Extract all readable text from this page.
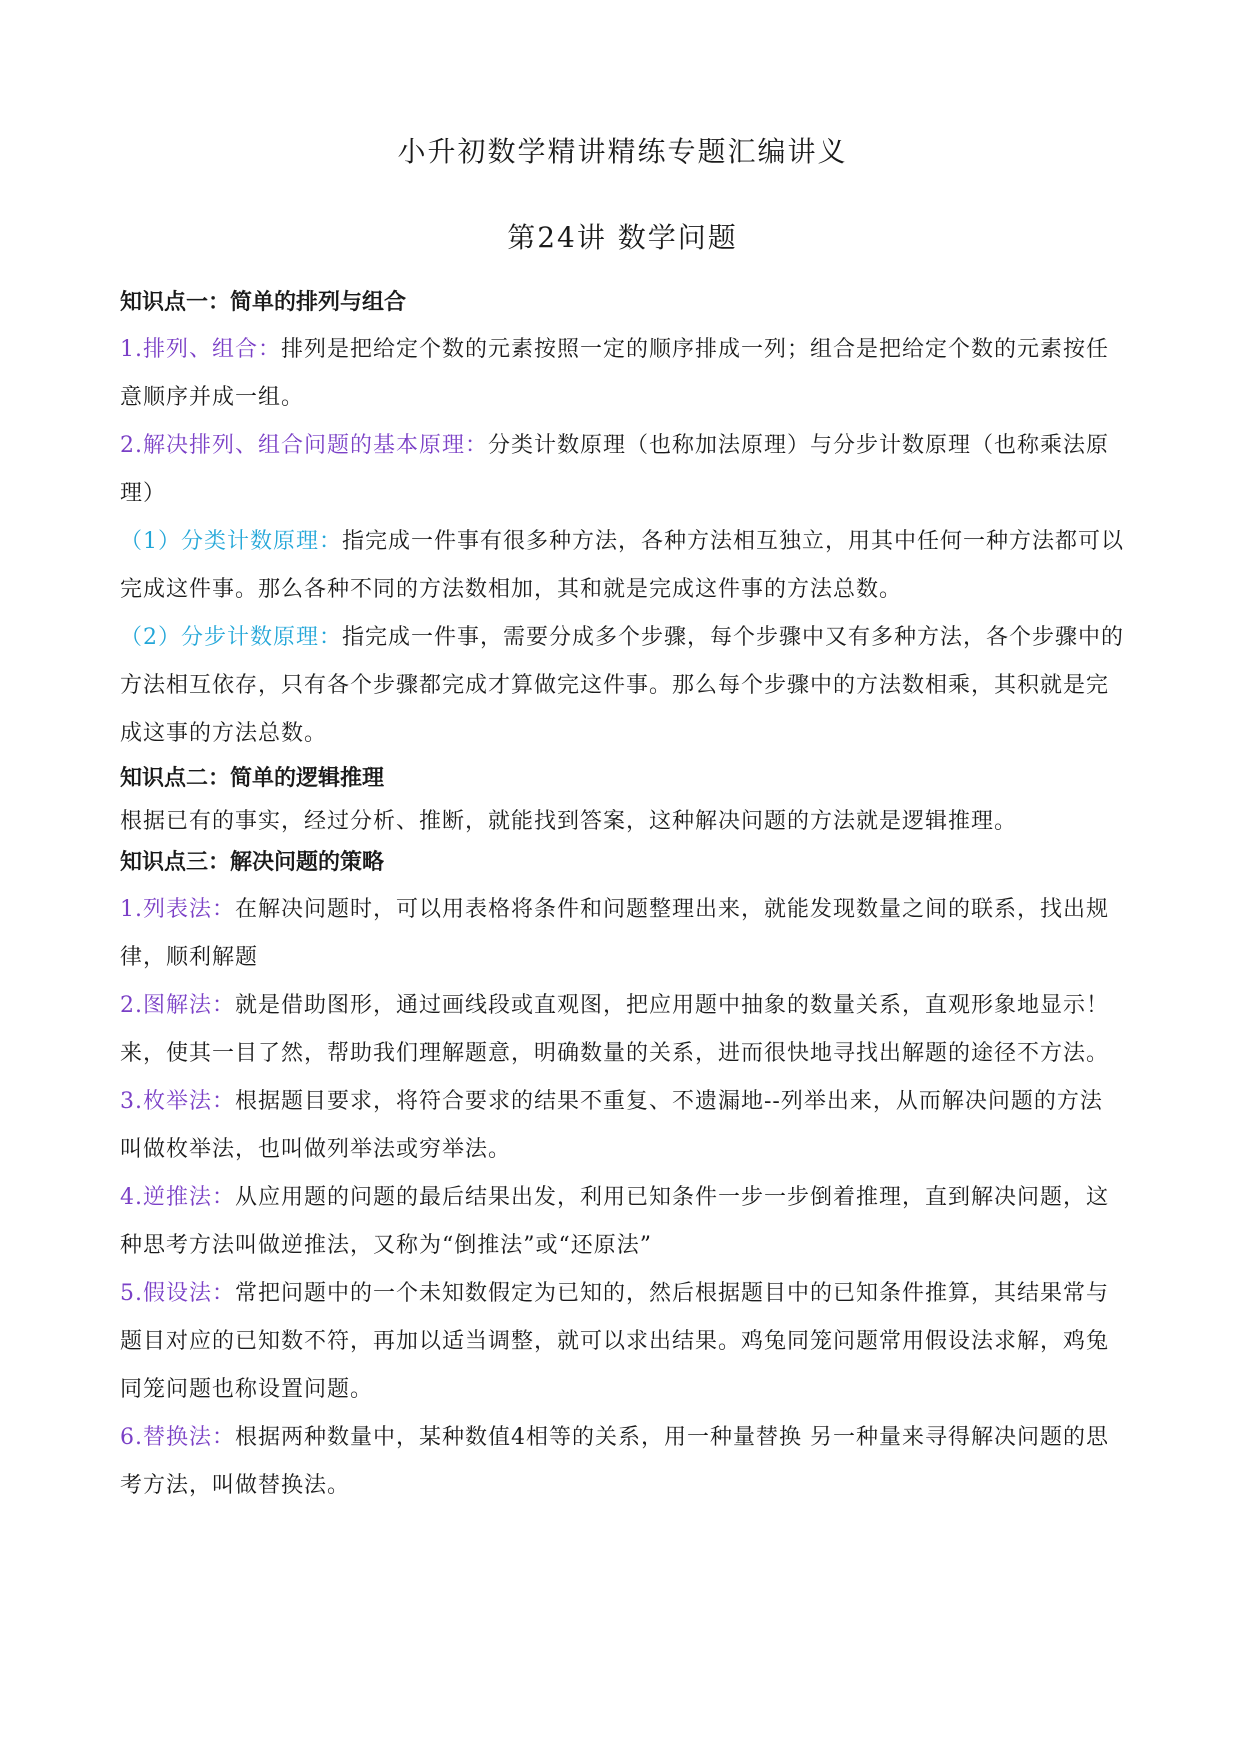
小升初数学精讲精练专题汇编讲义
第24讲 数学问题
知识点一：简单的排列与组合

1.排列、组合：排列是把给定个数的元素按照一定的顺序排成一列；组合是把给定个数的元素按任意顺序并成一组。

2.解决排列、组合问题的基本原理：分类计数原理（也称加法原理）与分步计数原理（也称乘法原理）

（1）分类计数原理：指完成一件事有很多种方法，各种方法相互独立，用其中任何一种方法都可以完成这件事。那么各种不同的方法数相加，其和就是完成这件事的方法总数。

（2）分步计数原理：指完成一件事，需要分成多个步骤，每个步骤中又有多种方法，各个步骤中的方法相互依存，只有各个步骤都完成才算做完这件事。那么每个步骤中的方法数相乘，其积就是完成这事的方法总数。

知识点二：简单的逻辑推理

根据已有的事实，经过分析、推断，就能找到答案，这种解决问题的方法就是逻辑推理。

知识点三：解决问题的策略

1.列表法：在解决问题时，可以用表格将条件和问题整理出来，就能发现数量之间的联系，找出规律，顺利解题

2.图解法：就是借助图形，通过画线段或直观图，把应用题中抽象的数量关系，直观形象地显示！来，使其一目了然，帮助我们理解题意，明确数量的关系，进而很快地寻找出解题的途径不方法。

3.枚举法：根据题目要求，将符合要求的结果不重复、不遗漏地--列举出来，从而解决问题的方法叫做枚举法，也叫做列举法或穷举法。

4.逆推法：从应用题的问题的最后结果出发，利用已知条件一步一步倒着推理，直到解决问题，这种思考方法叫做逆推法，又称为“倒推法”或“还原法”

5.假设法：常把问题中的一个未知数假定为已知的，然后根据题目中的已知条件推算，其结果常与题目对应的已知数不符，再加以适当调整，就可以求出结果。鸡兔同笼问题常用假设法求解，鸡兔同笼问题也称设置问题。

6.替换法：根据两种数量中，某种数值4相等的关系，用一种量替换 另一种量来寻得解决问题的思考方法，叫做替换法。
